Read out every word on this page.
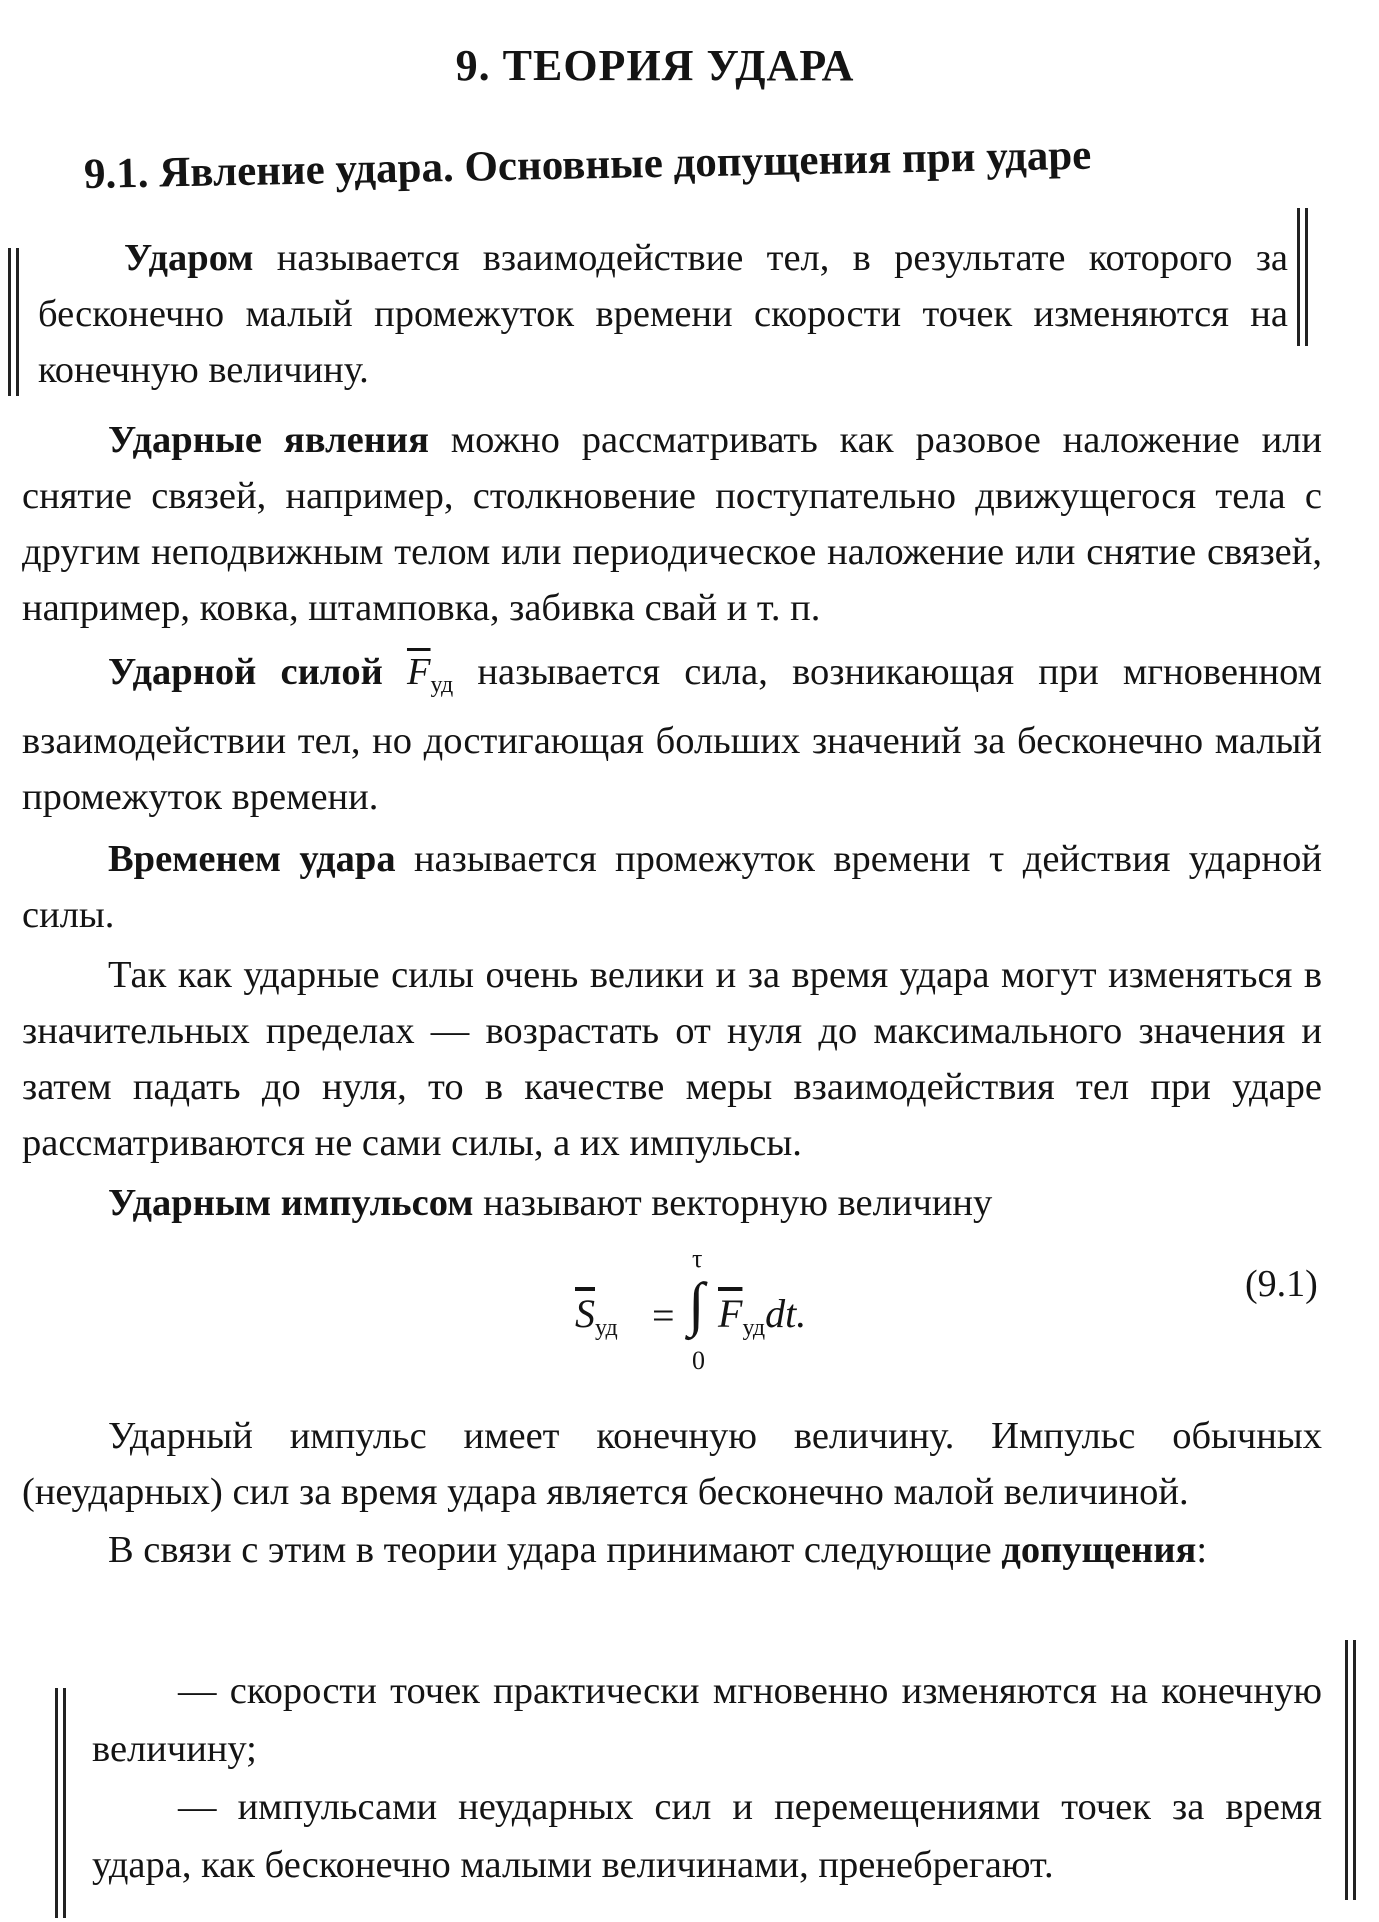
9. ТЕОРИЯ УДАРА
9.1. Явление удара. Основные допущения при ударе

Ударом называется взаимодействие тел, в результате которого за бесконечно малый промежуток времени скорости точек изменяются на конечную величину.

Ударные явления можно рассматривать как разовое наложение или снятие связей, например, столкновение поступательно движущегося тела с другим неподвижным телом или периодическое наложение или снятие связей, например, ковка, штамповка, забивка свай и т. п.

Ударной силой $\overline{F}_{уд}$ называется сила, возникающая при мгновенном взаимодействии тел, но достигающая больших значений за бесконечно малый промежуток времени.

Временем удара называется промежуток времени τ действия ударной силы.

Так как ударные силы очень велики и за время удара могут изменяться в значительных пределах — возрастать от нуля до максимального значения и затем падать до нуля, то в качестве меры взаимодействия тел при ударе рассматриваются не сами силы, а их импульсы.

Ударным импульсом называют векторную величину

$\overline{S}_{уд}$ = ∫
τ
0
$\overline{F}_{уд}dt$.
(9.1)

Ударный импульс имеет конечную величину. Импульс обычных (неударных) сил за время удара является бесконечно малой величиной.

В связи с этим в теории удара принимают следующие допущения:

— скорости точек практически мгновенно изменяются на конечную величину;

— импульсами неударных сил и перемещениями точек за время удара, как бесконечно малыми величинами, пренебрегают.
